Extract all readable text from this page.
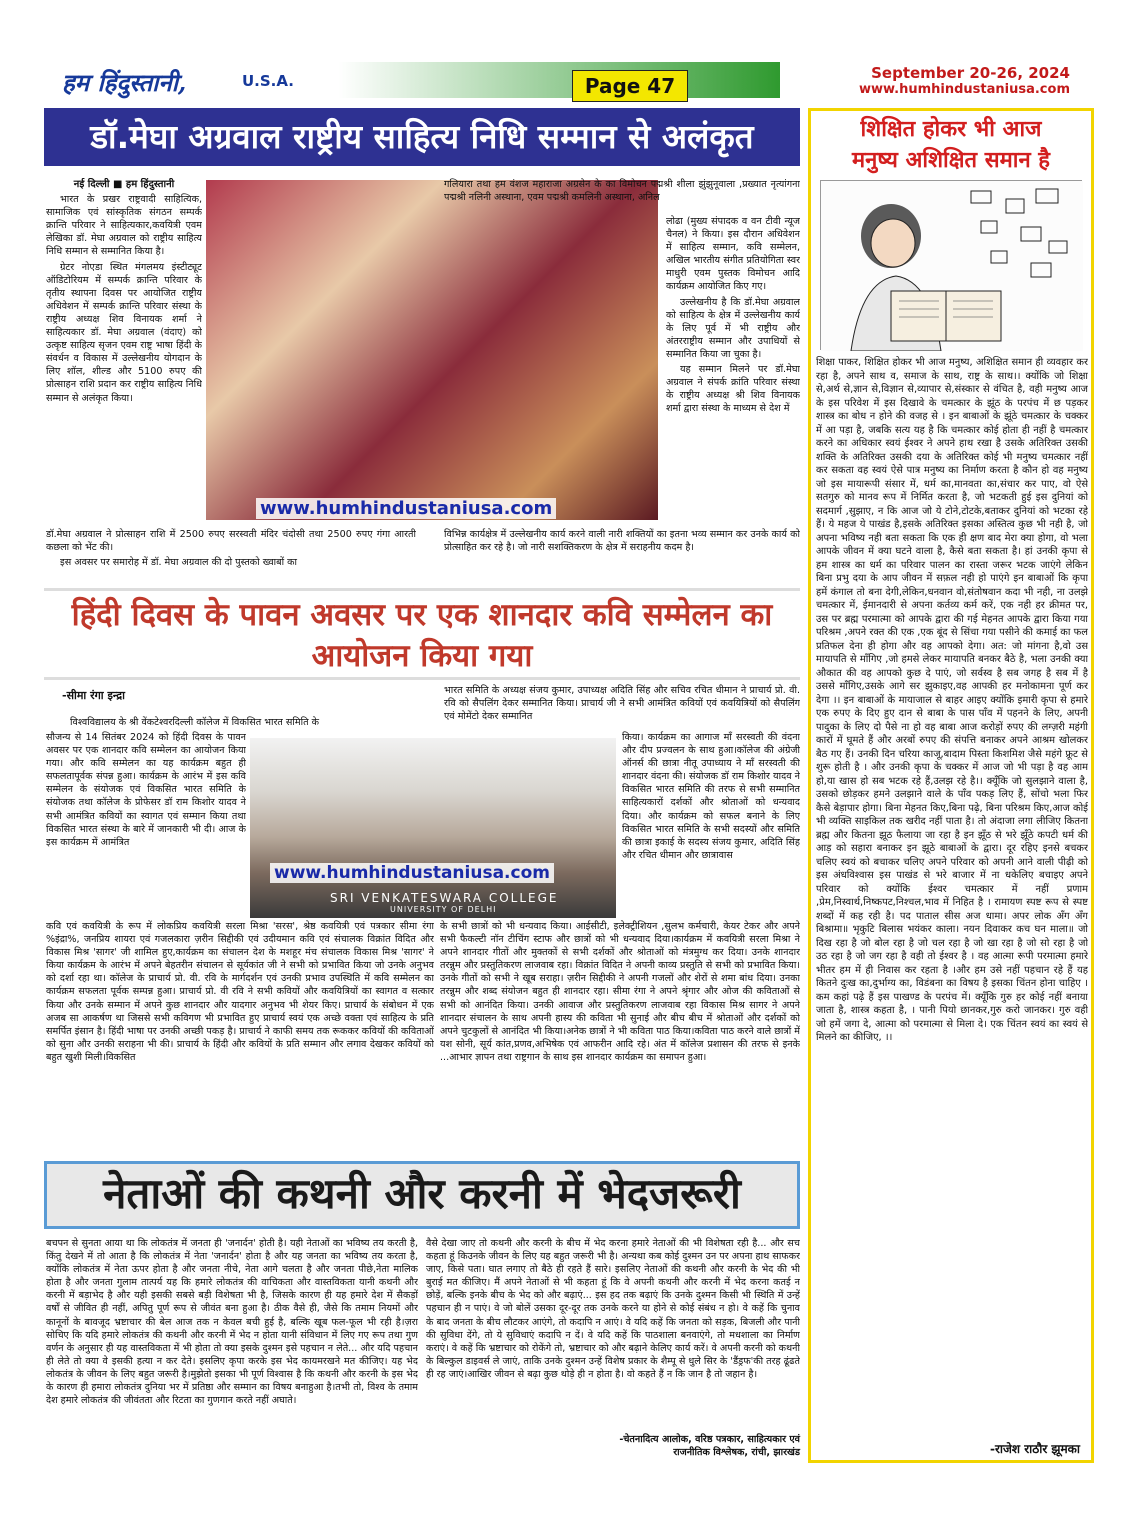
हम हिंदुस्तानी,	U.S.A.	Page 47
September 20-26, 2024
www.humhindustaniusa.com
डॉ.मेघा अग्रवाल राष्ट्रीय साहित्य निधि सम्मान से अलंकृत
नई दिल्ली ■ हम हिंदुस्तानी

भारत के प्रखर राष्ट्रवादी साहित्यिक, सामाजिक एवं सांस्कृतिक संगठन सम्पर्क क्रान्ति परिवार ने साहित्यकार,कवयित्री एवम लेखिका डॉ. मेघा अग्रवाल को राष्ट्रीय साहित्य निधि सम्मान से सम्मानित किया है।

ग्रेटर नोएडा स्थित मंगलमय इंस्टीट्यूट ऑडिटोरियम में सम्पर्क क्रान्ति परिवार के तृतीय स्थापना दिवस पर आयोजित राष्ट्रीय अधिवेशन में सम्पर्क क्रान्ति परिवार संस्था के राष्ट्रीय अध्यक्ष शिव विनायक शर्मा ने साहित्यकार डॉ. मेघा अग्रवाल (वंदाए) को उत्कृष्ट साहित्य सृजन एवम राष्ट्र भाषा हिंदी के संवर्धन व विकास में उल्लेखनीय योगदान के लिए शॉल, शील्ड और 5100 रुपए की प्रोत्साहन राशि प्रदान कर राष्ट्रीय साहित्य निधि सम्मान से अलंकृत किया।

www.humhindustaniusa.com

डॉ.मेघा अग्रवाल ने प्रोत्साहन राशि में 2500 रुपए सरस्वती मंदिर चंदोसी तथा 2500 रुपए गंगा आरती कछला को भेंट की।

इस अवसर पर समारोह में डॉ. मेघा अग्रवाल की दो पुस्तको ख्वाबों का

गलियारा तथा हम वंशज महाराजा अग्रसेन के का विमोचन पद्मश्री शीला झुंझुनूवाला ,प्रख्यात नृत्यांगना पद्मश्री नलिनी अस्थाना, एवम पद्मश्री कमलिनी अस्थाना, अनिल

लोढा (मुख्य संपादक व वन टीवी न्यूज चैनल) ने किया। इस दौरान अधिवेशन में साहित्य सम्मान, कवि सम्मेलन, अखिल भारतीय संगीत प्रतियोगिता स्वर माधुरी एवम पुस्तक विमोचन आदि कार्यक्रम आयोजित किए गए।

उल्लेखनीय है कि डॉ.मेघा अग्रवाल को साहित्य के क्षेत्र में उल्लेखनीय कार्य के लिए पूर्व में भी राष्ट्रीय और अंतरराष्ट्रीय सम्मान और उपाधियों से सम्मानित किया जा चुका है।

यह सम्मान मिलने पर डॉ.मेघा अग्रवाल ने संपर्क क्रांति परिवार संस्था के राष्ट्रीय अध्यक्ष श्री शिव विनायक शर्मा द्वारा संस्था के माध्यम से देश में

विभिन्न कार्यक्षेत्र में उल्लेखनीय कार्य करने वाली नारी शक्तियों का इतना भव्य सम्मान कर उनके कार्य को प्रोत्साहित कर रहे है। जो नारी सशक्तिकरण के क्षेत्र में सराहनीय कदम है।
हिंदी दिवस के पावन अवसर पर एक शानदार कवि सम्मेलन का आयोजन किया गया
-सीमा रंगा इन्द्रा	भारत समिति के अध्यक्ष संजय कुमार, उपाध्यक्ष अदिति सिंह और सचिव रचित धीमान ने प्राचार्य प्रो. वी. रवि को सैपलिंग देकर सम्मानित किया। प्राचार्य जी ने सभी आमंत्रित कवियों एवं कवयित्रियों को सैपलिंग एवं मोमेंटो देकर सम्मानित
विश्वविद्यालय के श्री वेंकटेश्वरदिल्ली कॉलेज में विकसित भारत समिति के
सौजन्य से 14 सितंबर 2024 को हिंदी दिवस के पावन अवसर पर एक शानदार कवि सम्मेलन का आयोजन किया गया। और कवि सम्मेलन का यह कार्यक्रम बहुत ही सफलतापूर्वक संपन्न हुआ। कार्यक्रम के आरंभ में इस कवि सम्मेलन के संयोजक एवं विकसित भारत समिति के संयोजक तथा कॉलेज के प्रोफेसर डॉ राम किशोर यादव ने सभी आमंत्रित कवियों का स्वागत एवं सम्मान किया तथा विकसित भारत संस्था के बारे में जानकारी भी दी। आज के इस कार्यक्रम में आमंत्रित
www.humhindustaniusa.com
SRI VENKATESWARA COLLEGE
UNIVERSITY OF DELHI
किया। कार्यक्रम का आगाज माँ सरस्वती की वंदना और दीप प्रज्वलन के साथ हुआ।कॉलेज की अंग्रेजी ऑनर्स की छात्रा नीतू उपाध्याय ने माँ सरस्वती की शानदार वंदना की। संयोजक डॉ राम किशोर यादव ने विकसित भारत समिति की तरफ से सभी सम्मानित साहित्यकारों दर्शकों और श्रोताओं को धन्यवाद दिया। और कार्यक्रम को सफल बनाने के लिए विकसित भारत समिति के सभी सदस्यों और समिति की छात्रा इकाई के सदस्य संजय कुमार, अदिति सिंह और रचित धीमान और छात्रावास
कवि एवं कवयित्री के रूप में लोकप्रिय कवयित्री सरला मिश्रा 'सरस', श्रेष्ठ कवयित्री एवं पत्रकार सीमा रंगा %इंद्रा%, जनप्रिय शायरा एवं गजलकारा ज़रीन सिद्दीकी एवं उदीयमान कवि एवं संचालक विक्रांत विदित और विकास मिश्र 'सागर' जी शामिल हुए,कार्यक्रम का संचालन देश के मशहूर मंच संचालक विकास मिश्र 'सागर' ने किया कार्यक्रम के आरंभ में अपने बेहतरीन संचालन से सूर्यकांत जी ने सभी को प्रभावित किया जो उनके अनुभव को दर्शा रहा था। कॉलेज के प्राचार्य प्रो. वी. रवि के मार्गदर्शन एवं उनकी प्रभाव उपस्थिति में कवि सम्मेलन का कार्यक्रम सफलता पूर्वक सम्पन्न हुआ। प्राचार्य प्रो. वी रवि ने सभी कवियों और कवयित्रियों का स्वागत व सत्कार किया और उनके सम्मान में अपने कुछ शानदार और यादगार अनुभव भी शेयर किए। प्राचार्य के संबोधन में एक अजब सा आकर्षण था जिससे सभी कविगण भी प्रभावित हुए प्राचार्य स्वयं एक अच्छे वक्ता एवं साहित्य के प्रति समर्पित इंसान है। हिंदी भाषा पर उनकी अच्छी पकड़ है। प्राचार्य ने काफी समय तक रूककर कवियों की कविताओं को सुना और उनकी सराहना भी की। प्राचार्य के हिंदी और कवियों के प्रति सम्मान और लगाव देखकर कवियों को बहुत खुशी मिली।विकसित
के सभी छात्रों को भी धन्यवाद किया। आईसीटी, इलेक्ट्रीशियन ,सुलभ कर्मचारी, केयर टेकर और अपने सभी फैकल्टी नॉन टीचिंग स्टाफ और छात्रों को भी धन्यवाद दिया।कार्यक्रम में कवयित्री सरला मिश्रा ने अपने शानदार गीतों और मुक्तकों से सभी दर्शकों और श्रोताओं को मंत्रमुग्ध कर दिया। उनके शानदार तरन्नुम और प्रस्तुतिकरण लाजवाब रहा। विक्रांत विदित ने अपनी काव्य प्रस्तुति से सभी को प्रभावित किया। उनके गीतों को सभी ने खूब सराहा। ज़रीन सिद्दीकी ने अपनी गजलों और शेरों से शमा बांध दिया। उनका तरन्नुम और शब्द संयोजन बहुत ही शानदार रहा। सीमा रंगा ने अपने श्रृंगार और ओज की कविताओं से सभी को आनंदित किया। उनकी आवाज और प्रस्तुतिकरण लाजवाब रहा विकास मिश्र सागर ने अपने शानदार संचालन के साथ अपनी हास्य की कविता भी सुनाई और बीच बीच में श्रोताओं और दर्शकों को अपने चुटकुलों से आनंदित भी किया।अनेक छात्रों ने भी कविता पाठ किया।कविता पाठ करने वाले छात्रों में यश सोनी, सूर्य कांत,प्रणव,अभिषेक एवं आफरीन आदि रहे। अंत में कॉलेज प्रशासन की तरफ से इनके ...आभार ज्ञापन तथा राष्ट्रगान के साथ इस शानदार कार्यक्रम का समापन हुआ।
नेताओं की कथनी और करनी में भेदजरूरी
बचपन से सुनता आया था कि लोकतंत्र में जनता ही 'जनार्दन' होती है। यही नेताओं का भविष्य तय करती है, किंतु देखने में तो आता है कि लोकतंत्र में नेता 'जनार्दन' होता है और यह जनता का भविष्य तय करता है, क्योंकि लोकतंत्र में नेता ऊपर होता है और जनता नीचे, नेता आगे चलता है और जनता पीछे,नेता मालिक होता है और जनता गुलाम तात्पर्य यह कि हमारे लोकतंत्र की वाचिकता और वास्तविकता यानी कथनी और करनी में बड़ाभेद है और यही इसकी सबसे बड़ी विशेषता भी है, जिसके कारण ही यह हमारे देश में सैकड़ों वर्षों से जीवित ही नहीं, अपितु पूर्ण रूप से जीवंत बना हुआ है। ठीक वैसे ही, जैसे कि तमाम नियमों और कानूनों के बावजूद भ्रष्टाचार की बेल आज तक न केवल बची हुई है, बल्कि खूब फल-फूल भी रही है।ज़रा सोचिए कि यदि हमारे लोकतंत्र की कथनी और करनी में भेद न होता यानी संविधान में लिए गए रूप तथा गुण वर्णन के अनुसार ही यह वास्तविकता में भी होता तो क्या इसके दुश्मन इसे पहचान न लेते... और यदि पहचान ही लेते तो क्या वे इसकी हत्या न कर देते। इसलिए कृपा करके इस भेद कायमरखने मत कीजिए। यह भेद लोकतंत्र के जीवन के लिए बहुत जरूरी है।मुझेतो इसका भी पूर्ण विश्वास है कि कथनी और करनी के इस भेद के कारण ही हमारा लोकतंत्र दुनिया भर में प्रतिष्ठा और सम्मान का विषय बनाहुआ है।तभी तो, विश्व के तमाम देश हमारे लोकतंत्र की जीवंतता और रिटता का गुणगान करते नहीं अघाते।
वैसे देखा जाए तो कथनी और करनी के बीच में भेद करना हमारे नेताओं की भी विशेषता रही है... और सच कहता हूं किउनके जीवन के लिए यह बहुत जरूरी भी है। अन्यथा कब कोई दुश्मन उन पर अपना हाथ साफकर जाए, किसे पता। घात लगाए तो बैठे ही रहते हैं सारे। इसलिए नेताओं की कथनी और करनी के भेद की भी बुराई मत कीजिए। मैं अपने नेताओं से भी कहता हूं कि वे अपनी कथनी और करनी में भेद करना कतई न छोड़ें, बल्कि इनके बीच के भेद को और बढ़ाएं... इस हद तक बढ़ाएं कि उनके दुश्मन किसी भी स्थिति में उन्हें पहचान ही न पाएं। वे जो बोलें उसका दूर-दूर तक उनके करने या होने से कोई संबंध न हो। वे कहें कि चुनाव के बाद जनता के बीच लौटकर आएंगे, तो कदापि न आएं। वे यदि कहें कि जनता को सड़क, बिजली और पानी की सुविधा देंगे, तो ये सुविधाएं कदापि न दें। वे यदि कहें कि पाठशाला बनवाएंगे, तो मधशाला का निर्माण कराएं। वे कहें कि भ्रष्टाचार को रोकेंगे तो, भ्रष्टाचार को और बढ़ाने केलिए कार्य करें। वे अपनी करनी को कथनी के बिल्कुल डाइवर्स ले जाएं, ताकि उनके दुश्मन उन्हें विशेष प्रकार के शैम्पू से धुले सिर के 'डैंड्रफ'की तरह ढूंढते ही रह जाएं।आखिर जीवन से बढ़ा कुछ थोड़े ही न होता है। वो कहते हैं न कि जान है तो जहान है।
-चेतनादित्य आलोक, वरिष्ठ पत्रकार, साहित्यकार एवं राजनीतिक विश्लेषक, रांची, झारखंड
शिक्षित होकर भी आज
मनुष्य अशिक्षित समान है
शिक्षा पाकर, शिक्षित होकर भी आज मनुष्य, अशिक्षित समान ही व्यवहार कर रहा है, अपने साथ व, समाज के साथ, राष्ट्र के साथ।। क्योंकि जो शिक्षा से,अर्थ से,ज्ञान से,विज्ञान से,व्यापार से,संस्कार से वंचित है, वही मनुष्य आज के इस परिवेश में इस दिखावे के चमत्कार के झूंठ के परपंच में छ पड़कर शास्त्र का बोध न होने की वजह से । इन बाबाओं के झूंठे चमत्कार के चक्कर में आ पड़ा है, जबकि सत्य यह है कि चमत्कार कोई होता ही नहीं है चमत्कार करने का अधिकार स्वयं ईश्वर ने अपने हाथ रखा है उसके अतिरिक्त उसकी शक्ति के अतिरिक्त उसकी दया के अतिरिक्त कोई भी मनुष्य चमत्कार नहीं कर सकता वह स्वयं ऐसे पात्र मनुष्य का निर्माण करता है कौन हो वह मनुष्य जो इस मायारूपी संसार में, धर्म का,मानवता का,संचार कर पाए, वो ऐसे सतगुरु को मानव रूप में निर्मित करता है, जो भटकती हुई इस दुनियां को सदमार्ग ,सुझाए, न कि आज जो ये टोने,टोटके,बताकर दुनियां को भटका रहे हैं। ये महज ये पाखंड है,इसके अतिरिक्त इसका अस्तित्व कुछ भी नही है, जो अपना भविष्य नही बता सकता कि एक ही क्षण बाद मेरा क्या होगा, वो भला आपके जीवन में क्या घटने वाला है, कैसे बता सकता है। हां उनकी कृपा से हम शास्त्र का धर्म का परिवार पालन का रास्ता जरूर भटक जाएंगे लेकिन बिना प्रभु दया के आप जीवन में सफ़ल नही हो पाएंगे इन बाबाओं कि कृपा हमें कंगाल तो बना देगी,लेकिन,धनवान वो,संतोषवान कदा भी नही, ना उलझे चमत्कार में, ईमानदारी से अपना कर्तव्य कर्म करें, एक नही हर क्रीमत पर, उस पर ब्रह्म परमात्मा को आपके द्वारा की गई मेहनत आपके द्वारा किया गया परिश्रम ,अपने रक्त की एक ,एक बूंद से सिंचा गया पसीने की कमाई का फल प्रतिफल देना ही होगा और वह आपको देगा। अत: जो मांगना है,वो उस मायापति से माँगिए ,जो हमसे लेकर मायापति बनकर बैठे है, भला उनकी क्या औकात की वह आपको कुछ दे पाएं, जो सर्वस्व है सब जगह है सब में है उससे माँगिए,उसके आगे सर झुकाइए,वह आपकी हर मनोकामना पूर्ण कर देगा ।। इन बाबाओं के मायाजाल से बाहर आइए क्योंकि इमारी कृपा से हमारे एक रुपए के दिए हुए दान से बाबा के पास पाँव में पहनने के लिए, अपनी पादुका के लिए दो पैसे ना हो वह बाबा आज करोड़ों रुपए की लग्ज़री महंगी कारों में घूमते हैं और अरबों रुपए की संपत्ति बनाकर अपने आश्रम खोलकर बैठ गए हैं। उनकी दिन चरिया काजू,बादाम पिस्ता किशमिश जैसे महंगे फ्रूट से शुरू होती है । और उनकी कृपा के चक्कर में आज जो भी पड़ा है वह आम हो,या खास हो सब भटक रहे हैं,उलझ रहे है।। क्यूँकि जो सुलझाने वाला है, उसको छोड़कर हमने उलझाने वाले के पाँव पकड़ लिए हैं, सोंचो भला फिर कैसे बेड़ापार होगा। बिना मेहनत किए,बिना पढ़े, बिना परिश्रम किए,आज कोई भी व्यक्ति साइकिल तक खरीद नहीं पाता है। तो अंदाजा लगा लीजिए कितना ब्रह्म और कितना झूठ फैलाया जा रहा है इन झूँठ से भरे झूँठे कपटी धर्म की आड़ को सहारा बनाकर इन झूठे बाबाओं के द्वारा। दूर रहिए इनसे बचकर चलिए स्वयं को बचाकर चलिए अपने परिवार को अपनी आने वाली पीढ़ी को इस अंधविश्वास इस पाखंड से भरे बाजार में ना धकेलिए बचाइए अपने परिवार को क्योंकि ईश्वर चमत्कार में नहीं प्रणाम ,प्रेम,निस्वार्थ,निष्कपट,निश्चल,भाव में निहित है । रामायण स्पष्ट रूप से स्पष्ट शब्दों में कह रही है। पद पाताल सीस अज धामा। अपर लोक अँग अँग बिश्रामा॥ भृकुटि बिलास भयंकर काला। नयन दिवाकर कच घन माला॥ जो दिख रहा है जो बोल रहा है जो चल रहा है जो खा रहा है जो सो रहा है जो उठ रहा है जो जग रहा है वही तो ईश्वर है । वह आत्मा रूपी परमात्मा हमारे भीतर हम में ही निवास कर रहता है ।और हम उसे नहीं पहचान रहे हैं यह कितने दुःख का,दुर्भाग्य का, विडंबना का विषय है इसका चिंतन होना चाहिए । कम कहां पढ़े हैं इस पाखण्ड के परपंच में। क्यूँकि गुरु हर कोई नहीं बनाया जाता है, शास्त्र कहता है, । पानी पियो छानकर,गुरु करो जानकर। गुरु वही जो हमें जगा दे, आत्मा को परमात्मा से मिला दे। एक चिंतन स्वयं का स्वयं से मिलने का कीजिए, ।।
-राजेश राठौर झूमका
